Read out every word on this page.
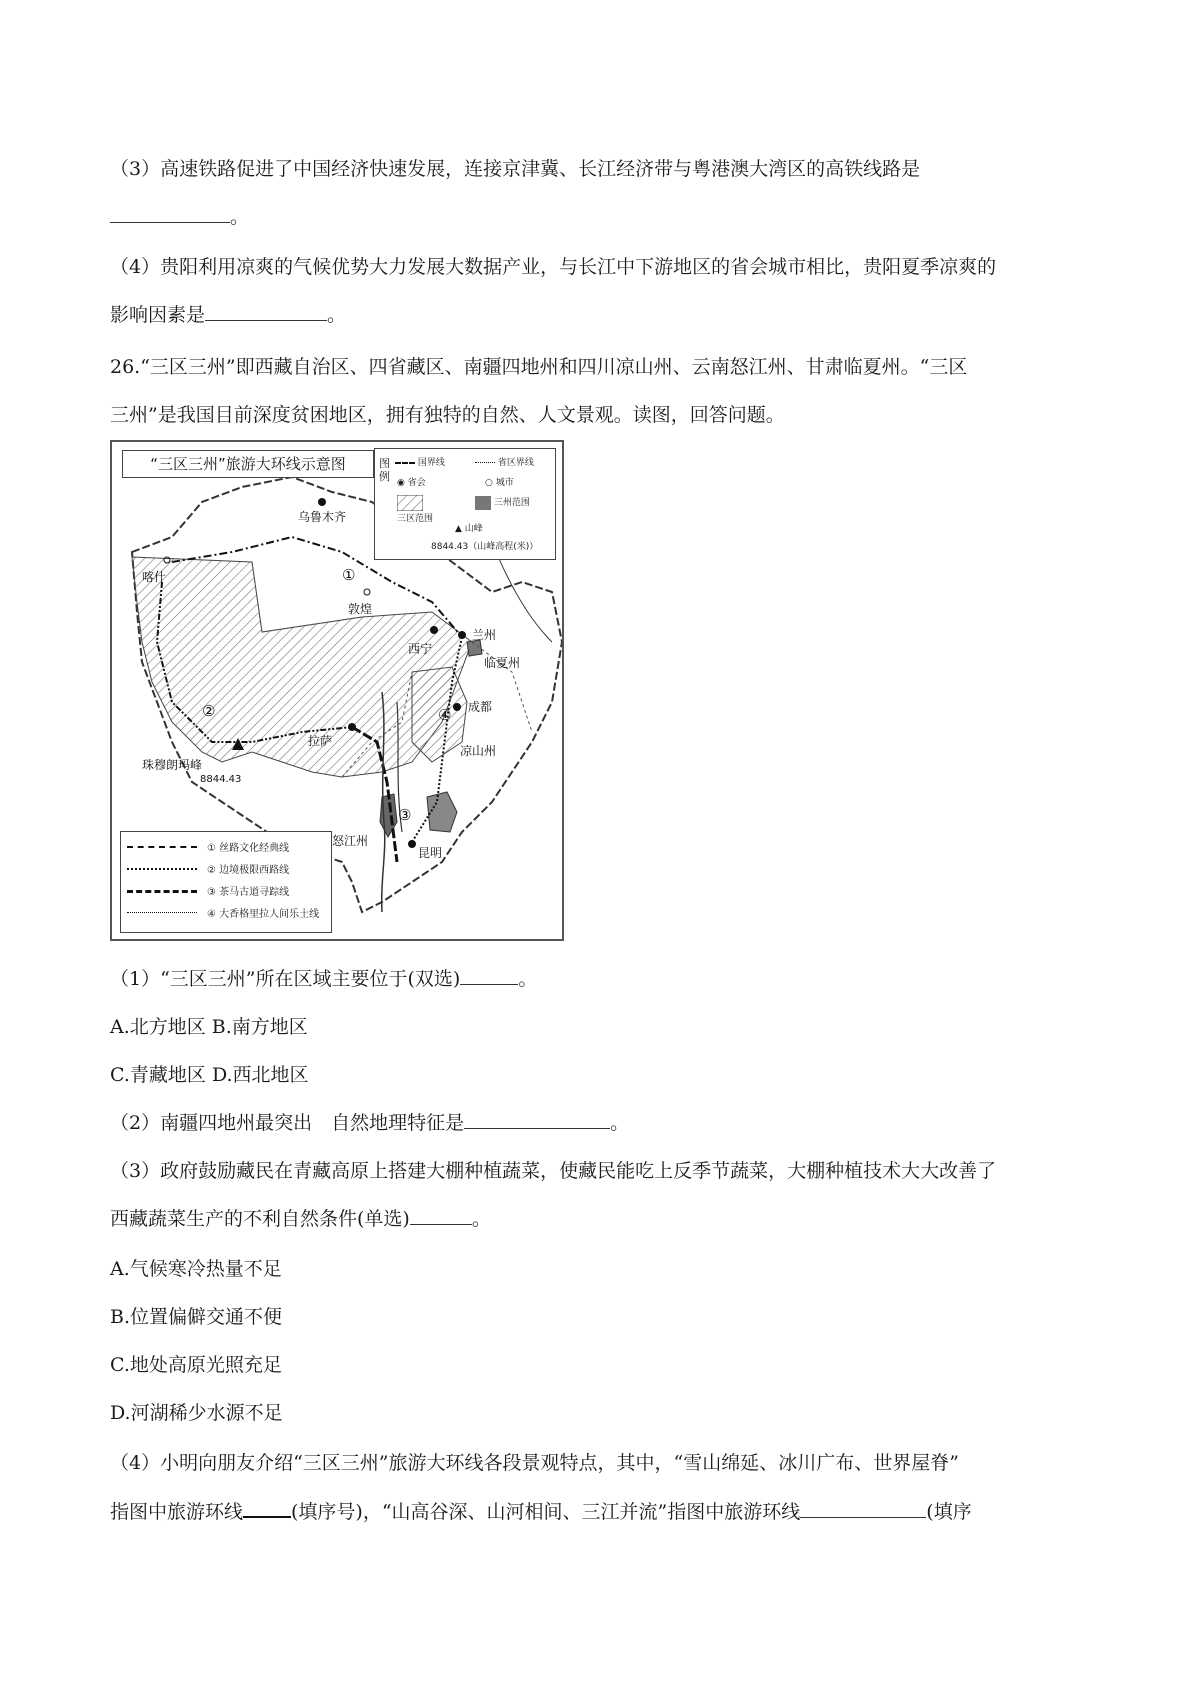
（3）高速铁路促进了中国经济快速发展，连接京津冀、长江经济带与粤港澳大湾区的高铁线路是
。
（4）贵阳利用凉爽的气候优势大力发展大数据产业，与长江中下游地区的省会城市相比，贵阳夏季凉爽的
影响因素是	。
26.“三区三州”即西藏自治区、四省藏区、南疆四地州和四川凉山州、云南怒江州、甘肃临夏州。“三区
三州”是我国目前深度贫困地区，拥有独特的自然、人文景观。读图，回答问题。
“三区三州”旅游大环线示意图	图例
国界线	省区界线
◉ 省会	○ 城市
三区范围
三州范围
▲ 山峰
8844.43（山峰高程(米)）
乌鲁木齐
喀什
敦煌
西宁
兰州
临夏州
成都
凉山州
拉萨
怒江州
昆明
珠穆朗玛峰
8844.43
①
②
③
④
① 丝路文化经典线
② 边境极限西路线
③ 茶马古道寻踪线
④ 大香格里拉人间乐土线
（1）“三区三州”所在区域主要位于(双选)	。
A.北方地区 B.南方地区
C.青藏地区 D.西北地区
（2）南疆四地州最突出　自然地理特征是	。
（3）政府鼓励藏民在青藏高原上搭建大棚种植蔬菜，使藏民能吃上反季节蔬菜，大棚种植技术大大改善了
西藏蔬菜生产的不利自然条件(单选)	。
A.气候寒冷热量不足
B.位置偏僻交通不便
C.地处高原光照充足
D.河湖稀少水源不足
（4）小明向朋友介绍“三区三州”旅游大环线各段景观特点，其中，“雪山绵延、冰川广布、世界屋脊”
指图中旅游环线	(填序号)，“山高谷深、山河相间、三江并流”指图中旅游环线	(填序
